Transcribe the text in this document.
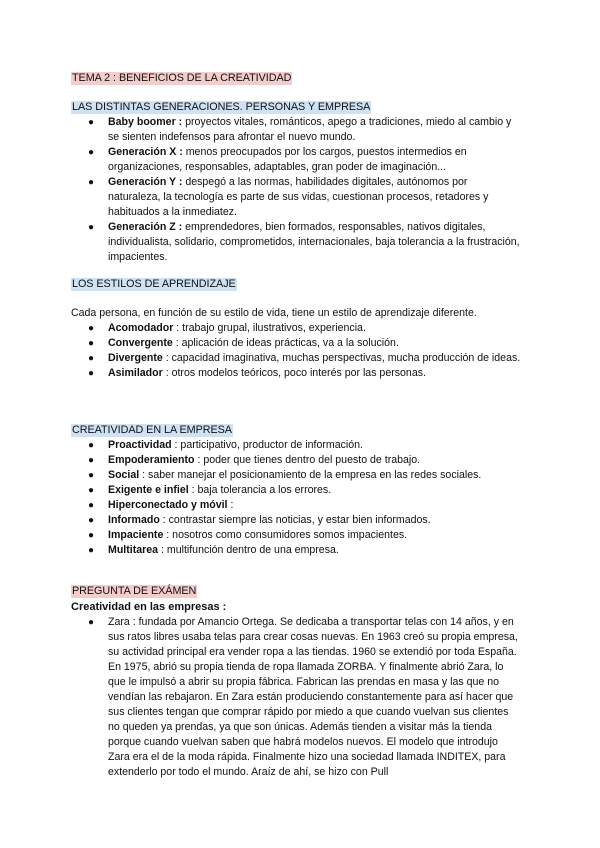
TEMA 2 : BENEFICIOS DE LA CREATIVIDAD
LAS DISTINTAS GENERACIONES. PERSONAS Y EMPRESA
● Baby boomer : proyectos vitales, románticos, apego a tradiciones, miedo al cambio y se sienten indefensos para afrontar el nuevo mundo.
● Generación X : menos preocupados por los cargos, puestos intermedios en organizaciones, responsables, adaptables, gran poder de imaginación...
● Generación Y : despegó a las normas, habilidades digitales, autónomos por naturaleza, la tecnología es parte de sus vidas, cuestionan procesos, retadores y habituados a la inmediatez.
● Generación Z : emprendedores, bien formados, responsables, nativos digitales, individualista, solidario, comprometidos, internacionales, baja tolerancia a la frustración, impacientes.
LOS ESTILOS DE APRENDIZAJE
Cada persona, en función de su estilo de vida, tiene un estilo de aprendizaje diferente.
● Acomodador : trabajo grupal, ilustrativos, experiencia.
● Convergente : aplicación de ideas prácticas, va a la solución.
● Divergente : capacidad imaginativa, muchas perspectivas, mucha producción de ideas.
● Asimilador : otros modelos teóricos, poco interés por las personas.
CREATIVIDAD EN LA EMPRESA
● Proactividad : participativo, productor de información.
● Empoderamiento : poder que tienes dentro del puesto de trabajo.
● Social : saber manejar el posicionamiento de la empresa en las redes sociales.
● Exigente e infiel : baja tolerancia a los errores.
● Hiperconectado y móvil :
● Informado : contrastar siempre las noticias, y estar bien informados.
● Impaciente : nosotros como consumidores somos impacientes.
● Multitarea : multifunción dentro de una empresa.
PREGUNTA DE EXÁMEN
Creatividad en las empresas :
● Zara : fundada por Amancio Ortega. Se dedicaba a transportar telas con 14 años, y en sus ratos libres usaba telas para crear cosas nuevas. En 1963 creó su propia empresa, su actividad principal era vender ropa a las tiendas. 1960 se extendió por toda España. En 1975, abrió su propia tienda de ropa llamada ZORBA. Y finalmente abrió Zara, lo que le impulsó a abrir su propia fábrica. Fabrican las prendas en masa y las que no vendían las rebajaron. En Zara están produciendo constantemente para así hacer que sus clientes tengan que comprar rápido por miedo a que cuando vuelvan sus clientes no queden ya prendas, ya que son únicas. Además tienden a visitar más la tienda porque cuando vuelvan saben que habrá modelos nuevos. El modelo que introdujo Zara era el de la moda rápida. Finalmente hizo una sociedad llamada INDITEX, para extenderlo por todo el mundo. Araíz de ahí, se hizo con Pull
